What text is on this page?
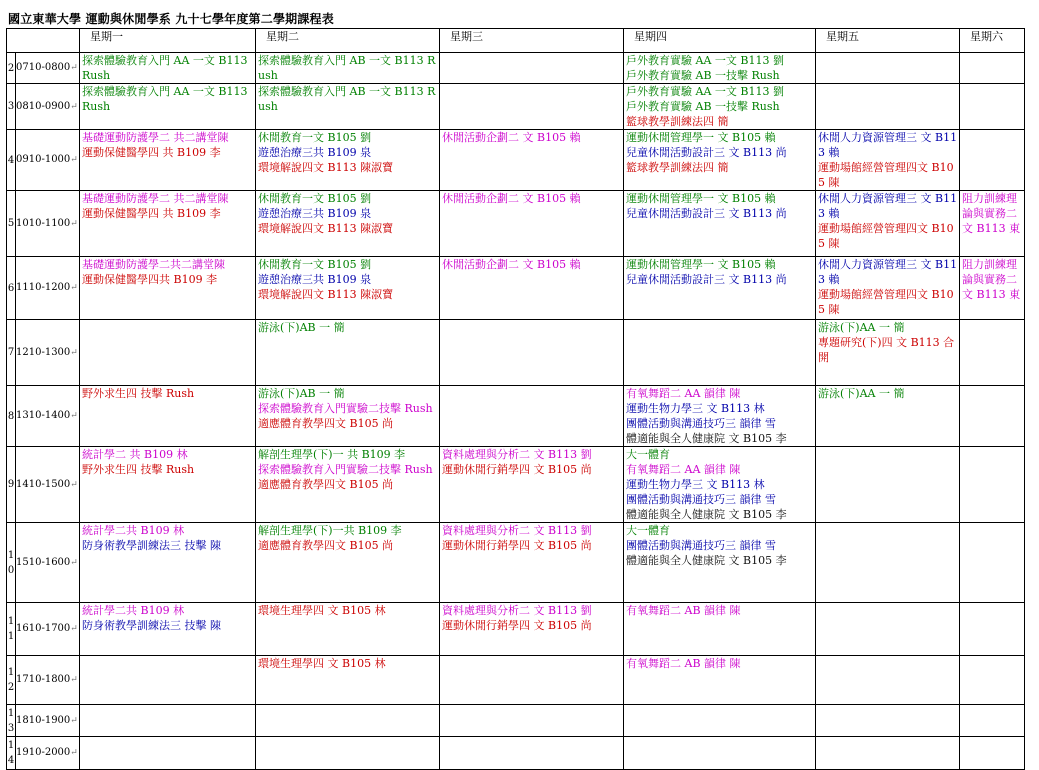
國立東華大學 運動與休閒學系 九十七學年度第二學期課程表
		星期一	星期二	星期三	星期四	星期五	星期六

2	0710-0800↵	探索體驗教育入門 AA 一文 B113Rush	探索體驗教育入門 AB 一文 B113 Rush		戶外教育實驗 AA 一文 B113 劉
戶外教育實驗 AB 一技擊 Rush		

3	0810-0900↵	探索體驗教育入門 AA 一文 B113 Rush	探索體驗教育入門 AB 一文 B113 Rush		戶外教育實驗 AA 一文 B113 劉
戶外教育實驗 AB 一技擊 Rush
籃球教學訓練法四 簡		

4	0910-1000↵	基礎運動防護學二 共二講堂陳
運動保健醫學四 共 B109 李	休閒教育一文 B105 劉
遊憩治療三共 B109 泉
環境解說四文 B113 陳淑寶	休閒活動企劃二 文 B105 賴	運動休閒管理學一 文 B105 賴
兒童休閒活動設計三 文 B113 尚
籃球教學訓練法四 簡	休閒人力資源管理三 文 B113 賴
運動場館經營管理四文 B105 陳	

5	1010-1100↵	基礎運動防護學二 共二講堂陳
運動保健醫學四 共 B109 李	休閒教育一文 B105 劉
遊憩治療三共 B109 泉
環境解說四文 B113 陳淑寶	休閒活動企劃二 文 B105 賴	運動休閒管理學一 文 B105 賴
兒童休閒活動設計三 文 B113 尚	休閒人力資源管理三 文 B113 賴
運動場館經營管理四文 B105 陳	阻力訓練理論與實務二 文 B113 東

6	1110-1200↵	基礎運動防護學二共二講堂陳
運動保健醫學四共 B109 李	休閒教育一文 B105 劉
遊憩治療三共 B109 泉
環境解說四文 B113 陳淑寶	休閒活動企劃二 文 B105 賴	運動休閒管理學一 文 B105 賴
兒童休閒活動設計三 文 B113 尚	休閒人力資源管理三 文 B113 賴
運動場館經營管理四文 B105 陳	阻力訓練理論與實務二 文 B113 東

7	1210-1300↵		游泳(下)AB 一 簡			游泳(下)AA 一 簡
專題研究(下)四 文 B113 合開	

8	1310-1400↵	野外求生四 技擊 Rush	游泳(下)AB 一 簡
探索體驗教育入門實驗二技擊 Rush
適應體育教學四文 B105 尚		有氧舞蹈二 AA 韻律 陳
運動生物力學三 文 B113 林
團體活動與溝通技巧三 韻律 雪
體適能與全人健康院 文 B105 李	游泳(下)AA 一 簡	

9	1410-1500↵	統計學二 共 B109 林
野外求生四 技擊 Rush	解剖生理學(下)一 共 B109 李
探索體驗教育入門實驗二技擊 Rush
適應體育教學四文 B105 尚	資料處理與分析二 文 B113 劉
運動休閒行銷學四 文 B105 尚	大一體育
有氧舞蹈二 AA 韻律 陳
運動生物力學三 文 B113 林
團體活動與溝通技巧三 韻律 雪
體適能與全人健康院 文 B105 李		

10	1510-1600↵	統計學二共 B109 林
防身術教學訓練法三 技擊 陳	解剖生理學(下)一共 B109 李
適應體育教學四文 B105 尚	資料處理與分析二 文 B113 劉
運動休閒行銷學四 文 B105 尚	大一體育
團體活動與溝通技巧三 韻律 雪
體適能與全人健康院 文 B105 李		

11	1610-1700↵	統計學二共 B109 林
防身術教學訓練法三 技擊 陳	環境生理學四 文 B105 林	資料處理與分析二 文 B113 劉
運動休閒行銷學四 文 B105 尚	有氧舞蹈二 AB 韻律 陳		

12	1710-1800↵		環境生理學四 文 B105 林		有氧舞蹈二 AB 韻律 陳		

13	1810-1900↵						

14	1910-2000↵						
